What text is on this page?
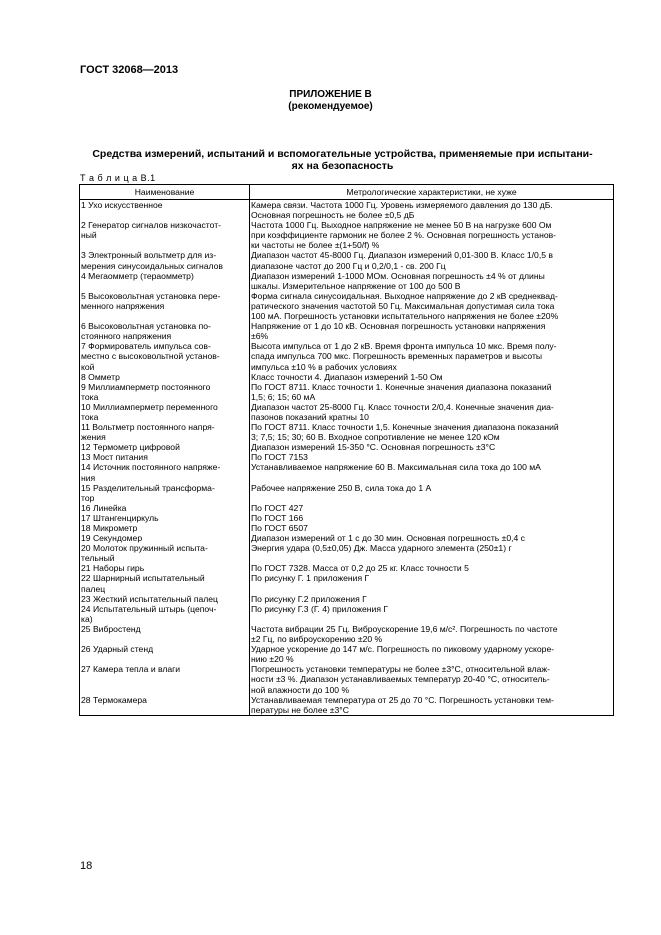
ГОСТ 32068—2013
ПРИЛОЖЕНИЕ В
(рекомендуемое)
Средства измерений, испытаний и вспомогательные устройства, применяемые при испытани-
ях на безопасность
Т а б л и ц а В.1
Наименование	Метрологические характеристики, не хуже
1 Ухо искусственное	Камера связи. Частота 1000 Гц. Уровень измеряемого давления до 130 дБ.
Основная погрешность не более ±0,5 дБ
2 Генератор сигналов низкочастот-
ный	Частота 1000 Гц. Выходное напряжение не менее 50 В на нагрузке 600 Ом
при коэффициенте гармоник не более 2 %. Основная погрешность установ-
ки частоты не более ±(1+50/f) %
3 Электронный вольтметр для из-
мерения синусоидальных сигналов	Диапазон частот 45-8000 Гц. Диапазон измерений 0,01-300 В. Класс 1/0,5 в
диапазоне частот до 200 Гц и 0,2/0,1 - св. 200 Гц
4 Мегаомметр (тераомметр)	Диапазон измерений 1-1000 МОм. Основная погрешность ±4 % от длины
шкалы. Измерительное напряжение от 100 до 500 В
5 Высоковольтная установка пере-
менного напряжения	Форма сигнала синусоидальная. Выходное напряжение до 2 кВ среднеквад-
ратического значения частотой 50 Гц. Максимальная допустимая сила тока
100 мА. Погрешность установки испытательного напряжения не более ±20%
6 Высоковольтная установка по-
стоянного напряжения	Напряжение от 1 до 10 кВ. Основная погрешность установки напряжения
±6%
7 Формирователь импульса сов-
местно с высоковольтной установ-
кой	Высота импульса от 1 до 2 кВ. Время фронта импульса 10 мкс. Время полу-
спада импульса 700 мкс. Погрешность временных параметров и высоты
импульса ±10 % в рабочих условиях
8 Омметр	Класс точности 4. Диапазон измерений 1-50 Ом
9 Миллиамперметр постоянного
тока	По ГОСТ 8711. Класс точности 1. Конечные значения диапазона показаний
1,5; 6; 15; 60 мА
10 Миллиамперметр переменного
тока	Диапазон частот 25-8000 Гц. Класс точности 2/0,4. Конечные значения диа-
пазонов показаний кратны 10
11 Вольтметр постоянного напря-
жения	По ГОСТ 8711. Класс точности 1,5. Конечные значения диапазона показаний
3; 7,5; 15; 30; 60 В. Входное сопротивление не менее 120 кОм
12 Термометр цифровой	Диапазон измерений 15-350 °С. Основная погрешность ±3°С
13 Мост питания	По ГОСТ 7153
14 Источник постоянного напряже-
ния	Устанавливаемое напряжение 60 В. Максимальная сила тока до 100 мА
15 Разделительный трансформа-
тор	Рабочее напряжение 250 В, сила тока до 1 А
16 Линейка	По ГОСТ 427
17 Штангенциркуль	По ГОСТ 166
18 Микрометр	По ГОСТ 6507
19 Секундомер	Диапазон измерений от 1 с до 30 мин. Основная погрешность ±0,4 с
20 Молоток пружинный испыта-
тельный	Энергия удара (0,5±0,05) Дж. Масса ударного элемента (250±1) г
21 Наборы гирь	По ГОСТ 7328. Масса от 0,2 до 25 кг. Класс точности 5
22 Шарнирный испытательный
палец	По рисунку Г. 1 приложения Г
23 Жесткий испытательный палец	По рисунку Г.2 приложения Г
24 Испытательный штырь (цепоч-
ка)	По рисунку Г.3 (Г. 4) приложения Г
25 Вибростенд	Частота вибрации 25 Гц. Виброускорение 19,6 м/с². Погрешность по частоте
±2 Гц, по виброускорению ±20 %
26 Ударный стенд	Ударное ускорение до 147 м/с. Погрешность по пиковому ударному ускоре-
нию ±20 %
27 Камера тепла и влаги	Погрешность установки температуры не более ±3°С, относительной влаж-
ности ±3 %. Диапазон устанавливаемых температур 20-40 °С, относитель-
ной влажности до 100 %
28 Термокамера	Устанавливаемая температура от 25 до 70 °С. Погрешность установки тем-
пературы не более ±3°С
18
